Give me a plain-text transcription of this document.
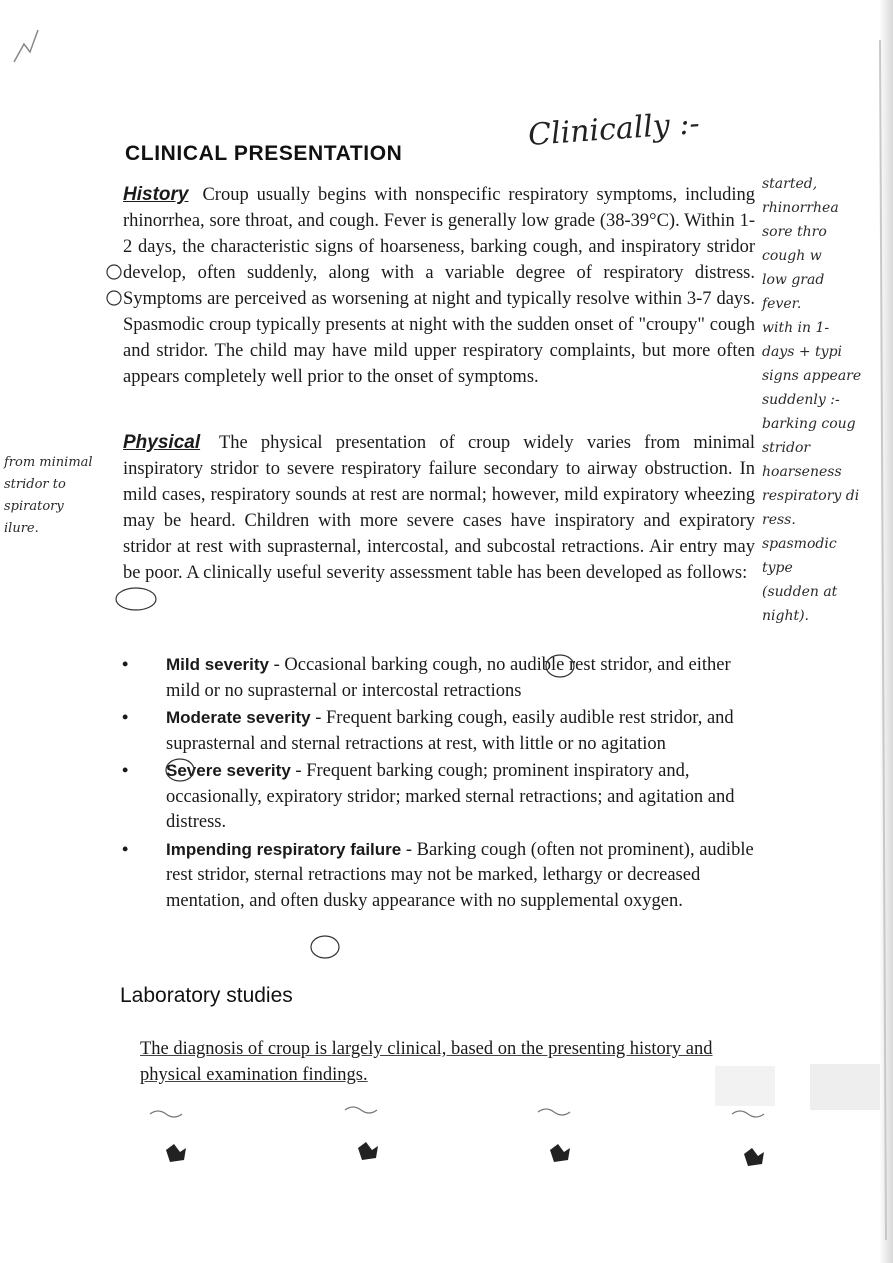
CLINICAL PRESENTATION
Clinically :-

History Croup usually begins with nonspecific respiratory symptoms, including rhinorrhea, sore throat, and cough. Fever is generally low grade (38-39°C). Within 1-2 days, the characteristic signs of hoarseness, barking cough, and inspiratory stridor develop, often suddenly, along with a variable degree of respiratory distress. Symptoms are perceived as worsening at night and typically resolve within 3-7 days. Spasmodic croup typically presents at night with the sudden onset of "croupy" cough and stridor. The child may have mild upper respiratory complaints, but more often appears completely well prior to the onset of symptoms.

Physical The physical presentation of croup widely varies from minimal inspiratory stridor to severe respiratory failure secondary to airway obstruction. In mild cases, respiratory sounds at rest are normal; however, mild expiratory wheezing may be heard. Children with more severe cases have inspiratory and expiratory stridor at rest with suprasternal, intercostal, and subcostal retractions. Air entry may be poor. A clinically useful severity assessment table has been developed as follows:

• Mild severity - Occasional barking cough, no audible rest stridor, and either mild or no suprasternal or intercostal retractions
• Moderate severity - Frequent barking cough, easily audible rest stridor, and suprasternal and sternal retractions at rest, with little or no agitation
• Severe severity - Frequent barking cough; prominent inspiratory and, occasionally, expiratory stridor; marked sternal retractions; and agitation and distress.
• Impending respiratory failure - Barking cough (often not prominent), audible rest stridor, sternal retractions may not be marked, lethargy or decreased mentation, and often dusky appearance with no supplemental oxygen.
Laboratory studies

The diagnosis of croup is largely clinical, based on the presenting history and physical examination findings.

started,
rhinorrhea
sore thro
cough w
low grad
fever.
with in 1-
days + typi
signs appeare
suddenly :-
barking coug
stridor
hoarseness
respiratory di
ress.
spasmodic
type
(sudden at
night).
from minimal
stridor to
spiratory
ilure.
